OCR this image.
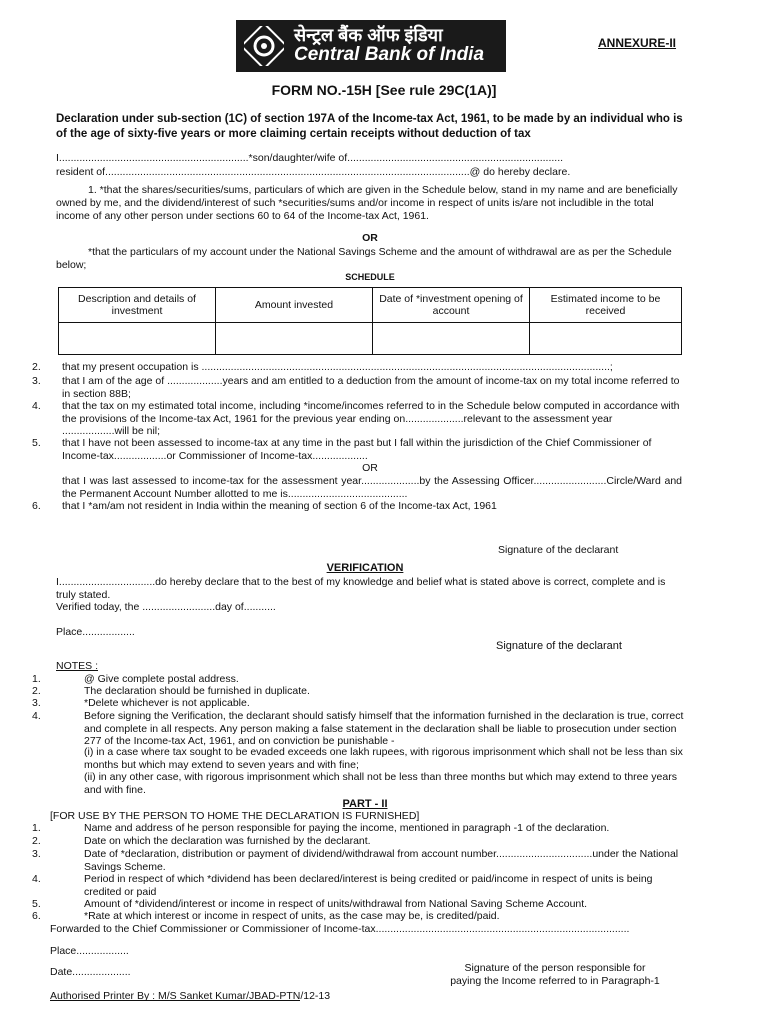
सेन्ट्रल बैंक ऑफ इंडिया
Central Bank of India
ANNEXURE-II
FORM NO.-15H [See rule 29C(1A)]
Declaration under sub-section (1C) of section 197A of the Income-tax Act, 1961, to be made by an individual who is of the age of sixty-five years or more claiming certain receipts without deduction of tax
I.................................................................*son/daughter/wife of..........................................................................
resident of.............................................................................................................................@ do hereby declare.
1. *that the shares/securities/sums, particulars of which are given in the Schedule below, stand in my name and are beneficially owned by me, and the dividend/interest of such *securities/sums and/or income in respect of units is/are not includible in the total income of any other person under sections 60 to 64 of the Income-tax Act, 1961.
OR
*that the particulars of my account under the National Savings Scheme and the amount of withdrawal are as per the Schedule below;
SCHEDULE
Description and details of investment	Amount invested	Date of *investment opening of account	Estimated income to be received

2. that my present occupation is ............................................................................................................................................;
3. that I am of the age of ...................years and am entitled to a deduction from the amount of income-tax on my total income referred to in section 88B;
4. that the tax on my estimated total income, including *income/incomes referred to in the Schedule below computed in accordance with the provisions of the Income-tax Act, 1961 for the previous year ending on....................relevant to the assessment year ..................will be nil;
5. that I have not been assessed to income-tax at any time in the past but I fall within the jurisdiction of the Chief Commissioner of Income-tax..................or Commissioner of Income-tax...................
OR
that I was last assessed to income-tax for the assessment year....................by the Assessing Officer.........................Circle/Ward and the Permanent Account Number allotted to me is.........................................
6. that I *am/am not resident in India within the meaning of section 6 of the Income-tax Act, 1961
Signature of the declarant
VERIFICATION
I.................................do hereby declare that to the best of my knowledge and belief what is stated above is correct, complete and is truly stated.
Verified today, the .........................day of...........
Place..................
Signature of the declarant
NOTES :
1.	@ Give complete postal address.
2.	The declaration should be furnished in duplicate.
3.	*Delete whichever is not applicable.
4.	Before signing the Verification, the declarant should satisfy himself that the information furnished in the declaration is true, correct and complete in all respects. Any person making a false statement in the declaration shall be liable to prosecution under section 277 of the Income-tax Act, 1961, and on conviction be punishable -
(i) in a case where tax sought to be evaded exceeds one lakh rupees, with rigorous imprisonment which shall not be less than six months but which may extend to seven years and with fine;
(ii) in any other case, with rigorous imprisonment which shall not be less than three months but which may extend to three years and with fine.
PART - II
[FOR USE BY THE PERSON TO HOME THE DECLARATION IS FURNISHED]
1.	Name and address of he person responsible for paying the income, mentioned in paragraph -1 of the declaration.
2.	Date on which the declaration was furnished by the declarant.
3.	Date of *declaration, distribution or payment of dividend/withdrawal from account number.................................under the National Savings Scheme.
4.	Period in respect of which *dividend has been declared/interest is being credited or paid/income in respect of units is being credited or paid
5.	Amount of *dividend/interest or income in respect of units/withdrawal from National Saving Scheme Account.
6.	*Rate at which interest or income in respect of units, as the case may be, is credited/paid.
Forwarded to the Chief Commissioner or Commissioner of Income-tax.......................................................................................
Place..................
Date....................	Signature of the person responsible for
paying the Income referred to in Paragraph-1
Authorised Printer By : M/S Sanket Kumar/JBAD-PTN/12-13
